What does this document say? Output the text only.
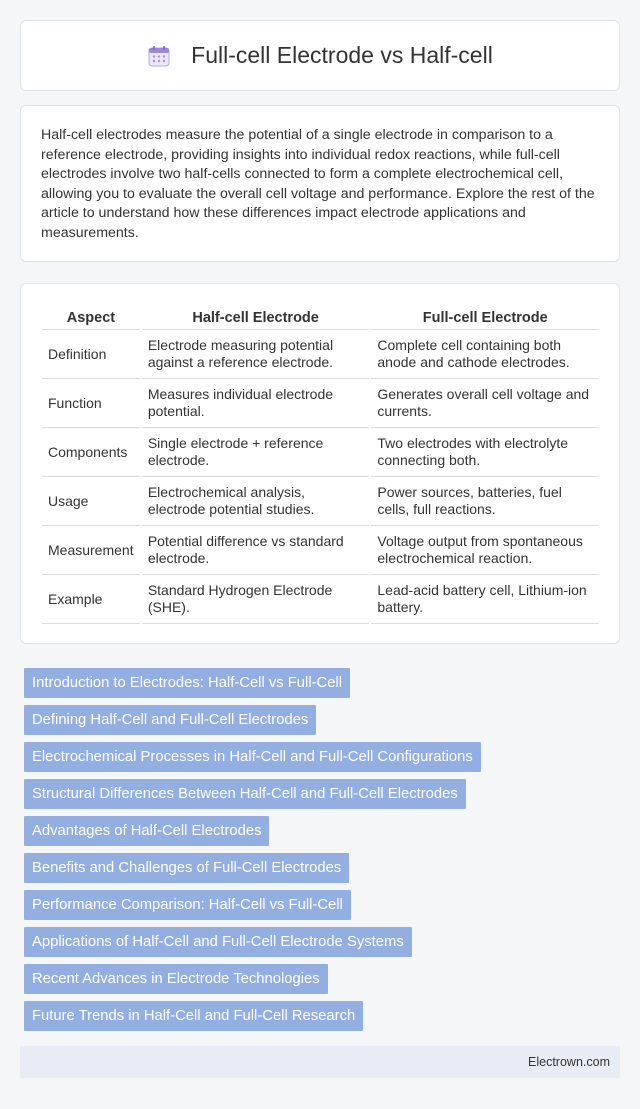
Full-cell Electrode vs Half-cell

Half-cell electrodes measure the potential of a single electrode in comparison to a reference electrode, providing insights into individual redox reactions, while full-cell electrodes involve two half-cells connected to form a complete electrochemical cell, allowing you to evaluate the overall cell voltage and performance. Explore the rest of the article to understand how these differences impact electrode applications and measurements.

Aspect		Half-cell Electrode		Full-cell Electrode
Definition		Electrode measuring potential against a reference electrode.		Complete cell containing both anode and cathode electrodes.
Function		Measures individual electrode potential.		Generates overall cell voltage and currents.
Components		Single electrode + reference electrode.		Two electrodes with electrolyte connecting both.
Usage		Electrochemical analysis, electrode potential studies.		Power sources, batteries, fuel cells, full reactions.
Measurement		Potential difference vs standard electrode.		Voltage output from spontaneous electrochemical reaction.
Example		Standard Hydrogen Electrode (SHE).		Lead-acid battery cell, Lithium-ion battery.
Introduction to Electrodes: Half-Cell vs Full-Cell
Defining Half-Cell and Full-Cell Electrodes
Electrochemical Processes in Half-Cell and Full-Cell Configurations
Structural Differences Between Half-Cell and Full-Cell Electrodes
Advantages of Half-Cell Electrodes
Benefits and Challenges of Full-Cell Electrodes
Performance Comparison: Half-Cell vs Full-Cell
Applications of Half-Cell and Full-Cell Electrode Systems
Recent Advances in Electrode Technologies
Future Trends in Half-Cell and Full-Cell Research
Electrown.com
